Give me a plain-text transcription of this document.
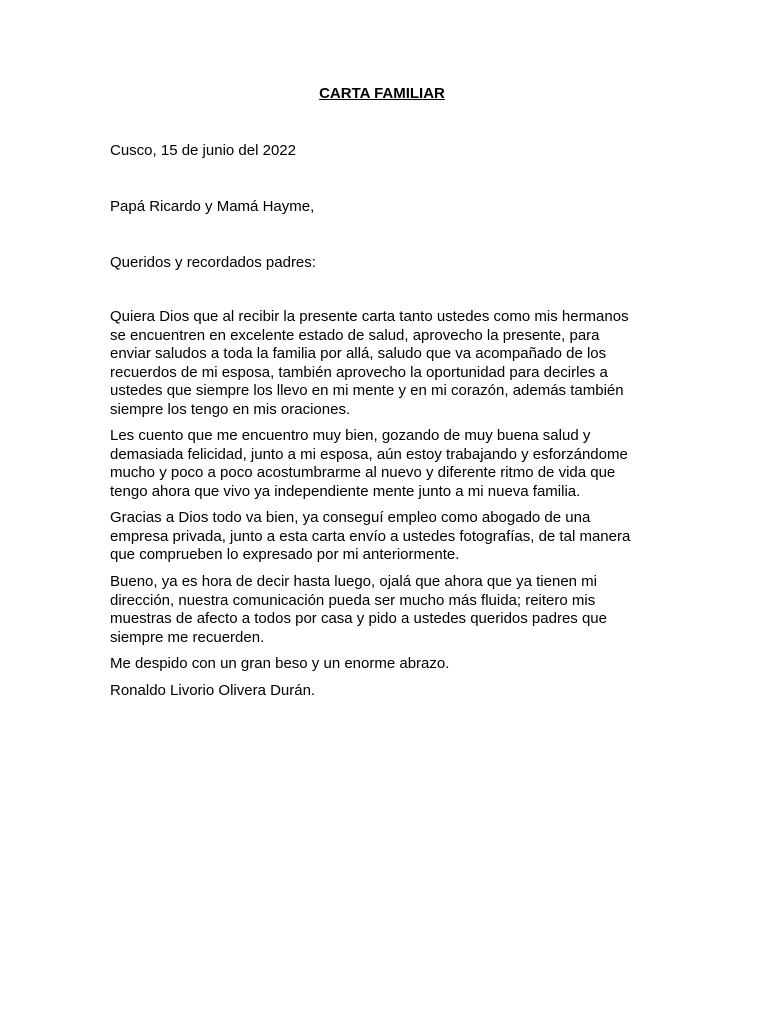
CARTA FAMILIAR

Cusco, 15 de junio del 2022

Papá Ricardo y Mamá Hayme,

Queridos y recordados padres:

Quiera Dios que al recibir la presente carta tanto ustedes como mis hermanos
se encuentren en excelente estado de salud, aprovecho la presente, para
enviar saludos a toda la familia por allá, saludo que va acompañado de los
recuerdos de mi esposa, también aprovecho la oportunidad para decirles a
ustedes que siempre los llevo en mi mente y en mi corazón, además también
siempre los tengo en mis oraciones.
Les cuento que me encuentro muy bien, gozando de muy buena salud y
demasiada felicidad, junto a mi esposa, aún estoy trabajando y esforzándome
mucho y poco a poco acostumbrarme al nuevo y diferente ritmo de vida que
tengo ahora que vivo ya independiente mente junto a mi nueva familia.
Gracias a Dios todo va bien, ya conseguí empleo como abogado de una
empresa privada, junto a esta carta envío a ustedes fotografías, de tal manera
que comprueben lo expresado por mi anteriormente.
Bueno, ya es hora de decir hasta luego, ojalá que ahora que ya tienen mi
dirección, nuestra comunicación pueda ser mucho más fluida; reitero mis
muestras de afecto a todos por casa y pido a ustedes queridos padres que
siempre me recuerden.
Me despido con un gran beso y un enorme abrazo.

Ronaldo Livorio Olivera Durán.
